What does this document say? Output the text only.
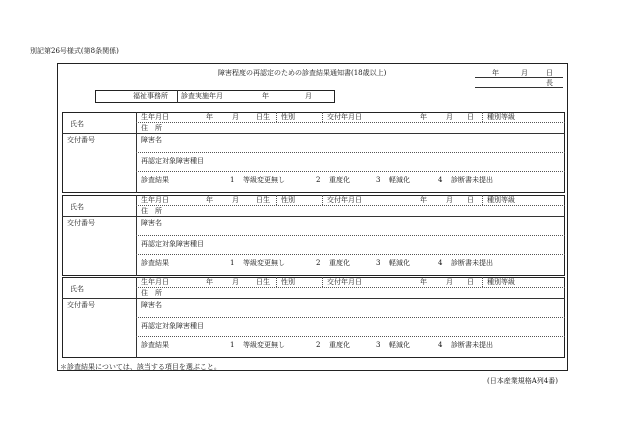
別記第26号様式(第8条関係)
障害程度の再認定のための診査結果通知書(18歳以上)	年	月	日
長
福祉事務所 診査実施年月	年	月
氏名
生年月日	年	月 日生 性別	交付年月日	年	月 日 種別等級
住　所
交付番号	障害名
再認定対象障害種目
診査結果	1 等級変更無し	2 重度化	3 軽減化	4 診断書未提出
氏名
生年月日	年	月 日生 性別	交付年月日	年	月 日 種別等級
住　所
交付番号	障害名
再認定対象障害種目
診査結果	1 等級変更無し	2 重度化	3 軽減化	4 診断書未提出
氏名
生年月日	年	月 日生 性別	交付年月日	年	月 日 種別等級
住　所
交付番号	障害名
再認定対象障害種目
診査結果	1 等級変更無し	2 重度化	3 軽減化	4 診断書未提出
＊診査結果については、該当する項目を選ぶこと。
(日本産業規格A列4番)
